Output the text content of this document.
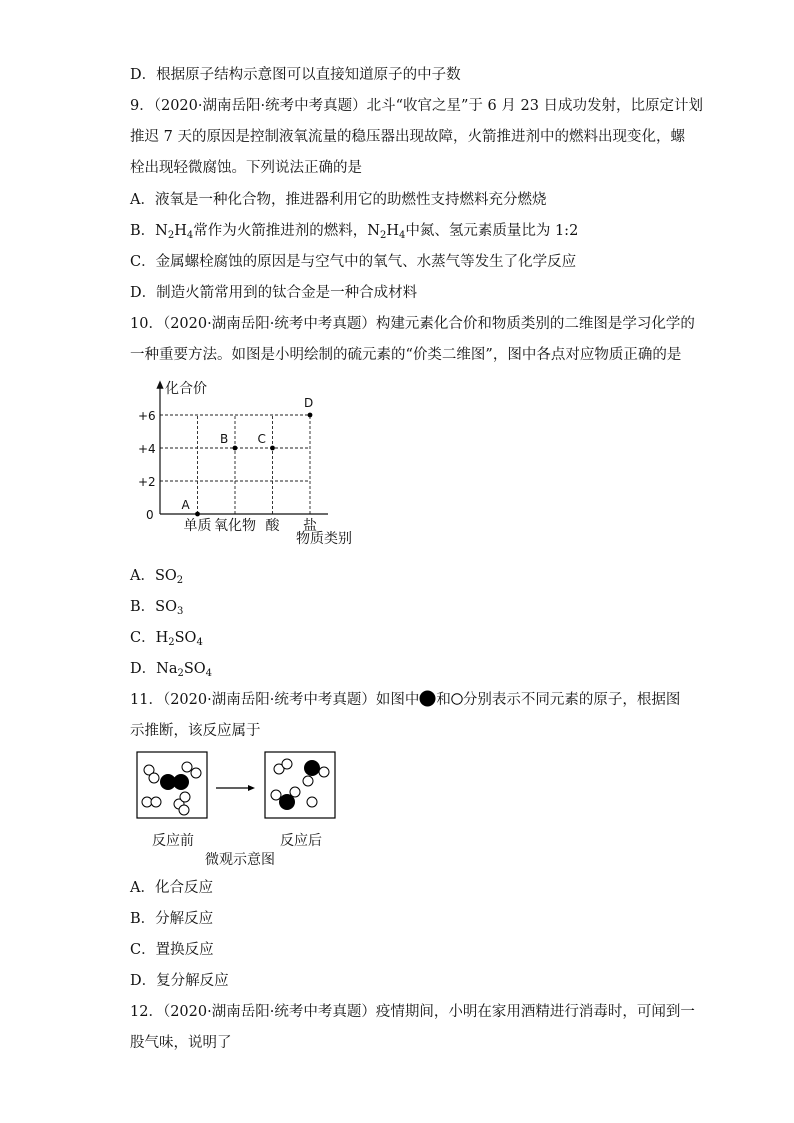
D．根据原子结构示意图可以直接知道原子的中子数
9．（2020·湖南岳阳·统考中考真题）北斗“收官之星”于 6 月 23 日成功发射，比原定计划
推迟 7 天的原因是控制液氧流量的稳压器出现故障，火箭推进剂中的燃料出现变化，螺
栓出现轻微腐蚀。下列说法正确的是
A．液氧是一种化合物，推进器利用它的助燃性支持燃料充分燃烧
B．$N_2H_4$常作为火箭推进剂的燃料，$N_2H_4$中氮、氢元素质量比为 1:2
C．金属螺栓腐蚀的原因是与空气中的氧气、水蒸气等发生了化学反应
D．制造火箭常用到的钛合金是一种合成材料
10．（2020·湖南岳阳·统考中考真题）构建元素化合价和物质类别的二维图是学习化学的
一种重要方法。如图是小明绘制的硫元素的“价类二维图”，图中各点对应物质正确的是
化合价
物质类别
0
+2
+4
+6
单质 氧化物 酸 盐
A
B C
D
A．$SO_2$
B．$SO_3$
C．$H_2SO_4$
D．$Na_2SO_4$
11．（2020·湖南岳阳·统考中考真题）如图中 和 分别表示不同元素的原子，根据图
示推断，该反应属于
反应前	反应后
微观示意图
A．化合反应
B．分解反应
C．置换反应
D．复分解反应
12．（2020·湖南岳阳·统考中考真题）疫情期间，小明在家用酒精进行消毒时，可闻到一
股气味，说明了
